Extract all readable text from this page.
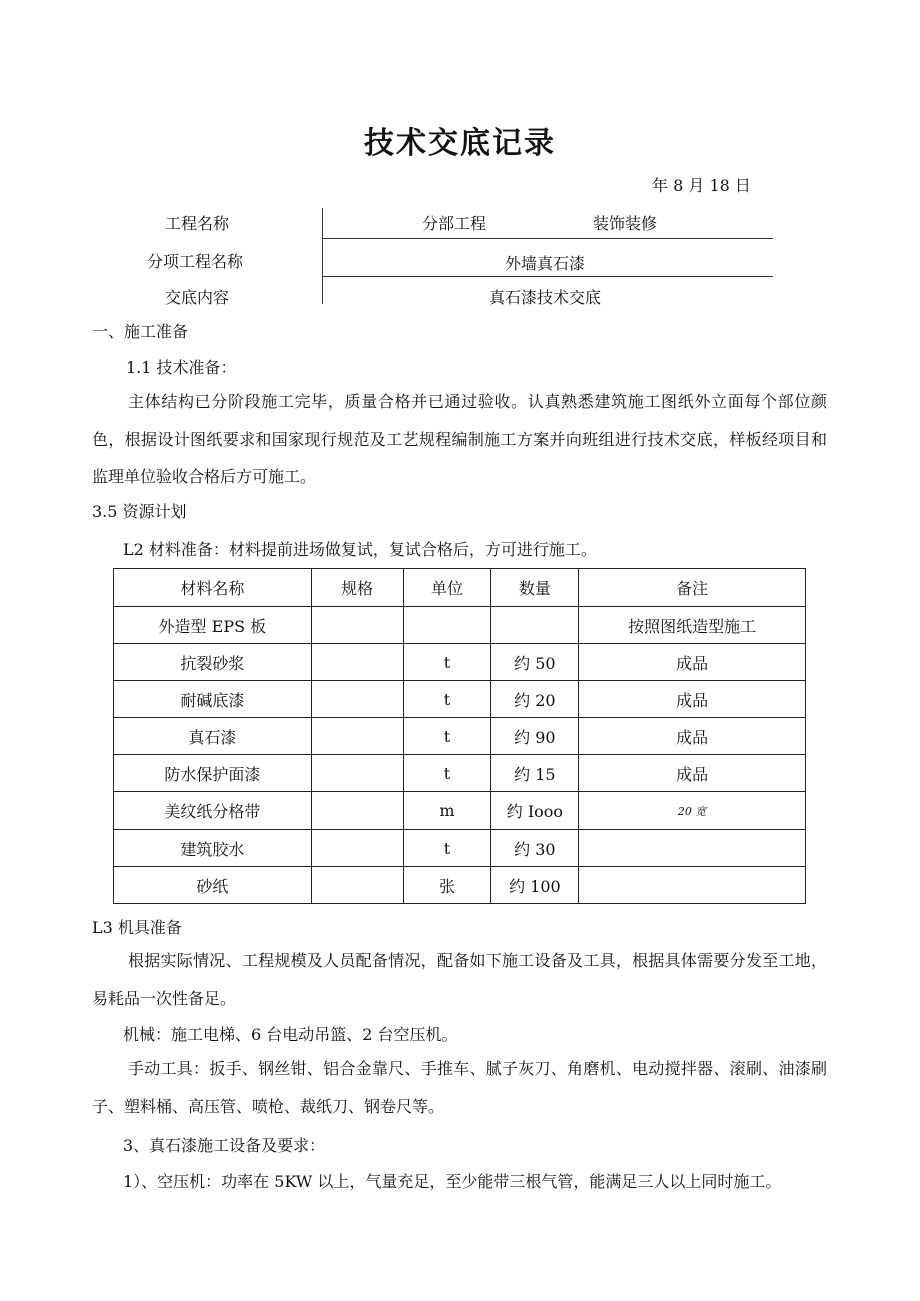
技术交底记录
年 8 月 18 日
工程名称	分部工程	装饰装修
分项工程名称	外墙真石漆
交底内容	真石漆技术交底
一、施工准备
1.1 技术准备：
主体结构已分阶段施工完毕，质量合格并已通过验收。认真熟悉建筑施工图纸外立面每个部位颜色，根据设计图纸要求和国家现行规范及工艺规程编制施工方案并向班组进行技术交底，样板经项目和监理单位验收合格后方可施工。
3.5 资源计划
L2 材料准备：材料提前进场做复试，复试合格后，方可进行施工。
材料名称	规格	单位	数量	备注
外造型 EPS 板				按照图纸造型施工
抗裂砂浆		t	约 50	成品
耐碱底漆		t	约 20	成品
真石漆		t	约 90	成品
防水保护面漆		t	约 15	成品
美纹纸分格带		m	约 Iooo	20 宽
建筑胶水		t	约 30	
砂纸		张	约 100	
L3 机具准备
根据实际情况、工程规模及人员配备情况，配备如下施工设备及工具，根据具体需要分发至工地，易耗品一次性备足。
机械：施工电梯、6 台电动吊篮、2 台空压机。
手动工具：扳手、钢丝钳、铝合金靠尺、手推车、腻子灰刀、角磨机、电动搅拌器、滚刷、油漆刷子、塑料桶、高压管、喷枪、裁纸刀、钢卷尺等。
3、真石漆施工设备及要求：
1）、空压机：功率在 5KW 以上，气量充足，至少能带三根气管，能满足三人以上同时施工。
